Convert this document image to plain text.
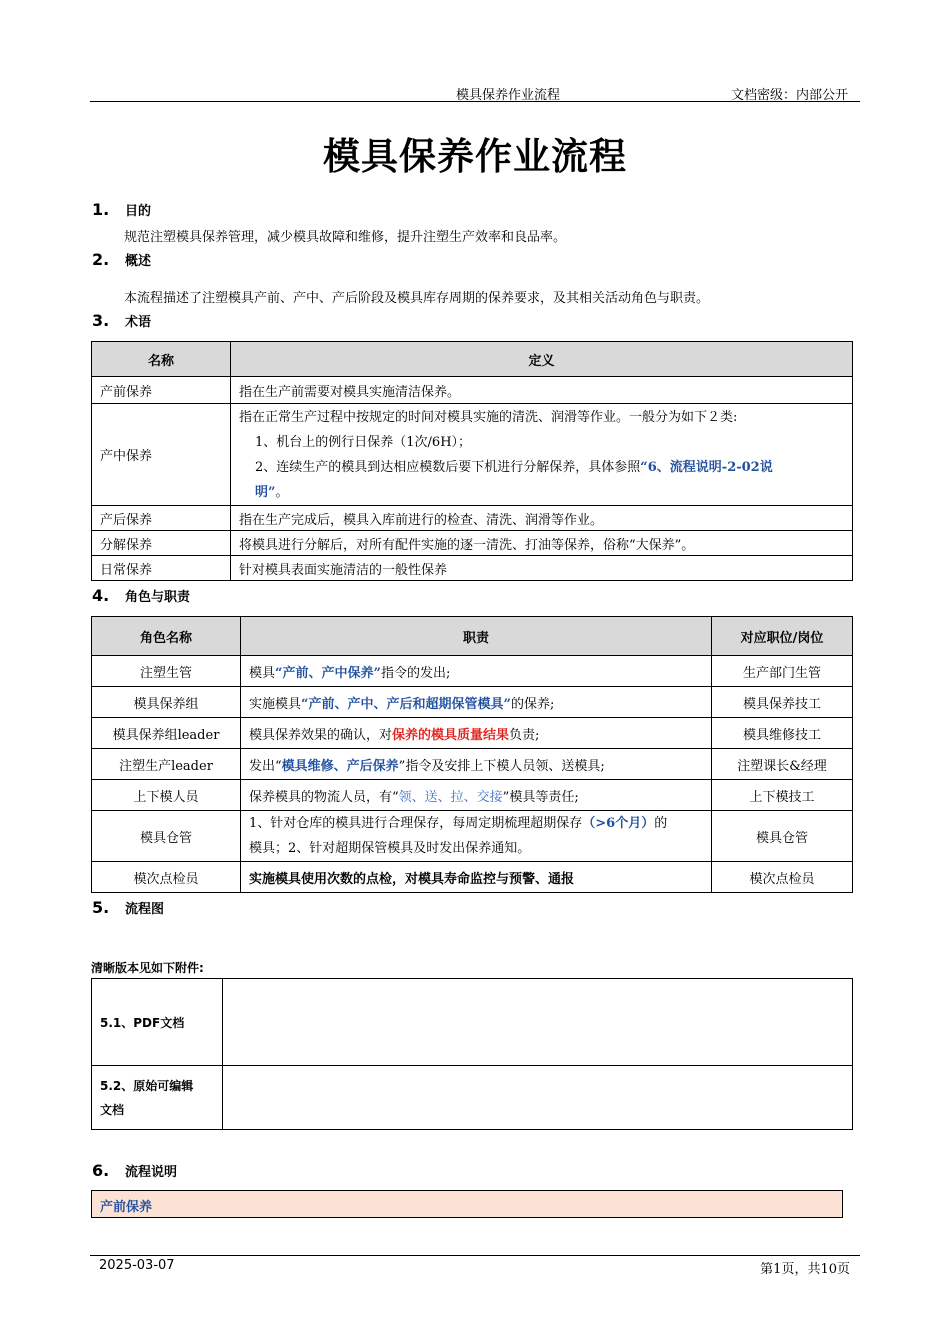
模具保养作业流程	文档密级：内部公开
模具保养作业流程
1. 目的
规范注塑模具保养管理，减少模具故障和维修，提升注塑生产效率和良品率。
2. 概述
本流程描述了注塑模具产前、产中、产后阶段及模具库存周期的保养要求，及其相关活动角色与职责。
3. 术语
名称	定义
产前保养	指在生产前需要对模具实施清洁保养。
产中保养	指在正常生产过程中按规定的时间对模具实施的清洗、润滑等作业。一般分为如下２类:
1、机台上的例行日保养（1次/6H）；
2、连续生产的模具到达相应模数后要下机进行分解保养，具体参照“6、流程说明-2-02说
明”。

产后保养	指在生产完成后，模具入库前进行的检查、清洗、润滑等作业。
分解保养	将模具进行分解后，对所有配件实施的逐一清洗、打油等保养，俗称“大保养”。
日常保养	针对模具表面实施清洁的一般性保养
4. 角色与职责
角色名称	职责	对应职位/岗位
注塑生管	模具“产前、产中保养”指令的发出;	生产部门生管
模具保养组	实施模具“产前、产中、产后和超期保管模具”的保养;	模具保养技工
模具保养组leader	模具保养效果的确认，对保养的模具质量结果负责;	模具维修技工
注塑生产leader	发出“模具维修、产后保养”指令及安排上下模人员领、送模具;	注塑课长&经理
上下模人员	保养模具的物流人员，有“领、送、拉、交接”模具等责任;	上下模技工
模具仓管	1、针对仓库的模具进行合理保存，每周定期梳理超期保存（>6个月）的
模具；2、针对超期保管模具及时发出保养通知。	模具仓管
模次点检员	实施模具使用次数的点检，对模具寿命监控与预警、通报	模次点检员
5. 流程图
清晰版本见如下附件:
5.1、PDF文档	

5.2、原始可编辑
文档	

6. 流程说明
产前保养
2025-03-07	第1页，共10页
